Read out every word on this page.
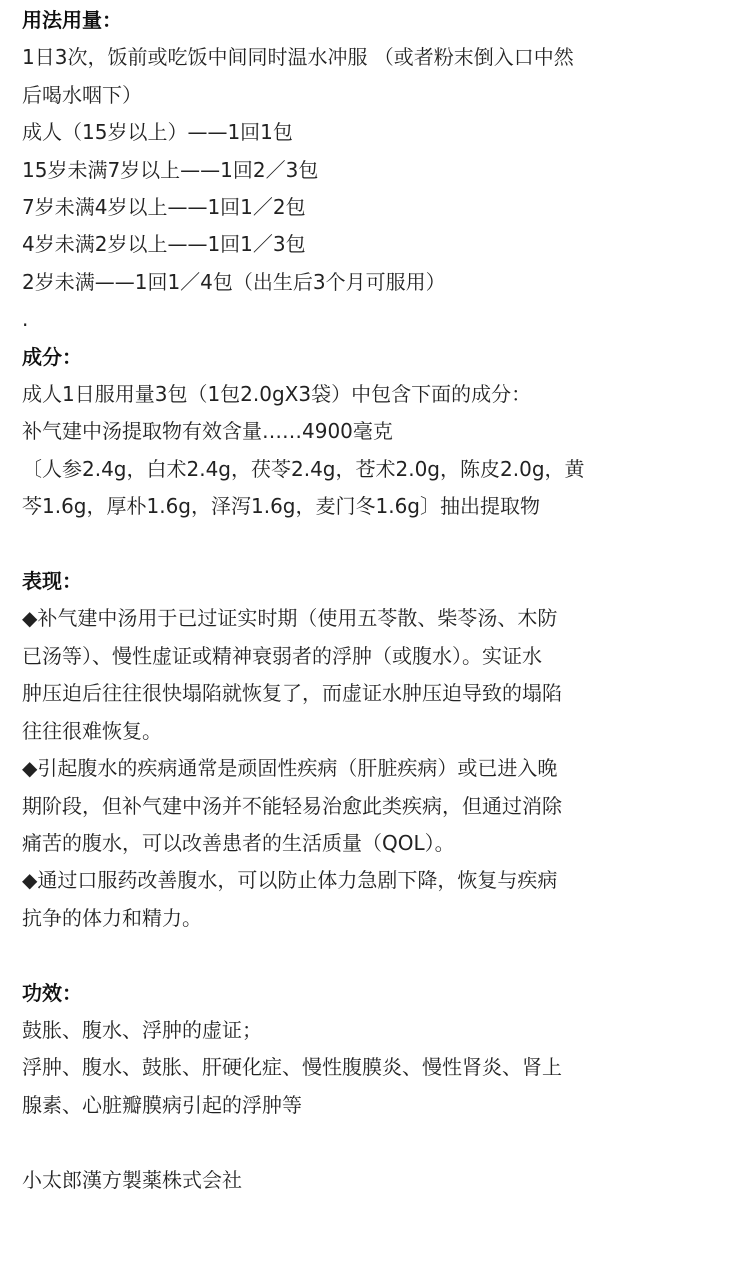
用法用量：

1日3次，饭前或吃饭中间同时温水冲服 （或者粉末倒入口中然

后喝水咽下）

成人（15岁以上）——1回1包

15岁未满7岁以上——1回2／3包

7岁未满4岁以上——1回1／2包

4岁未满2岁以上——1回1／3包

2岁未满——1回1／4包（出生后3个月可服用）

.

成分：

成人1日服用量3包（1包2.0gX3袋）中包含下面的成分：

补气建中汤提取物有效含量……4900毫克

〔人参2.4g，白术2.4g，茯苓2.4g，苍术2.0g，陈皮2.0g，黄

芩1.6g，厚朴1.6g，泽泻1.6g，麦门冬1.6g〕抽出提取物

表现：

◆补气建中汤用于已过证实时期（使用五苓散、柴苓汤、木防

已汤等）、慢性虚证或精神衰弱者的浮肿（或腹水）。实证水

肿压迫后往往很快塌陷就恢复了，而虚证水肿压迫导致的塌陷

往往很难恢复。

◆引起腹水的疾病通常是顽固性疾病（肝脏疾病）或已进入晚

期阶段，但补气建中汤并不能轻易治愈此类疾病，但通过消除

痛苦的腹水，可以改善患者的生活质量（QOL）。

◆通过口服药改善腹水，可以防止体力急剧下降，恢复与疾病

抗争的体力和精力。

功效：

鼓胀、腹水、浮肿的虚证；

浮肿、腹水、鼓胀、肝硬化症、慢性腹膜炎、慢性肾炎、肾上

腺素、心脏瓣膜病引起的浮肿等

小太郎漢方製薬株式会社
